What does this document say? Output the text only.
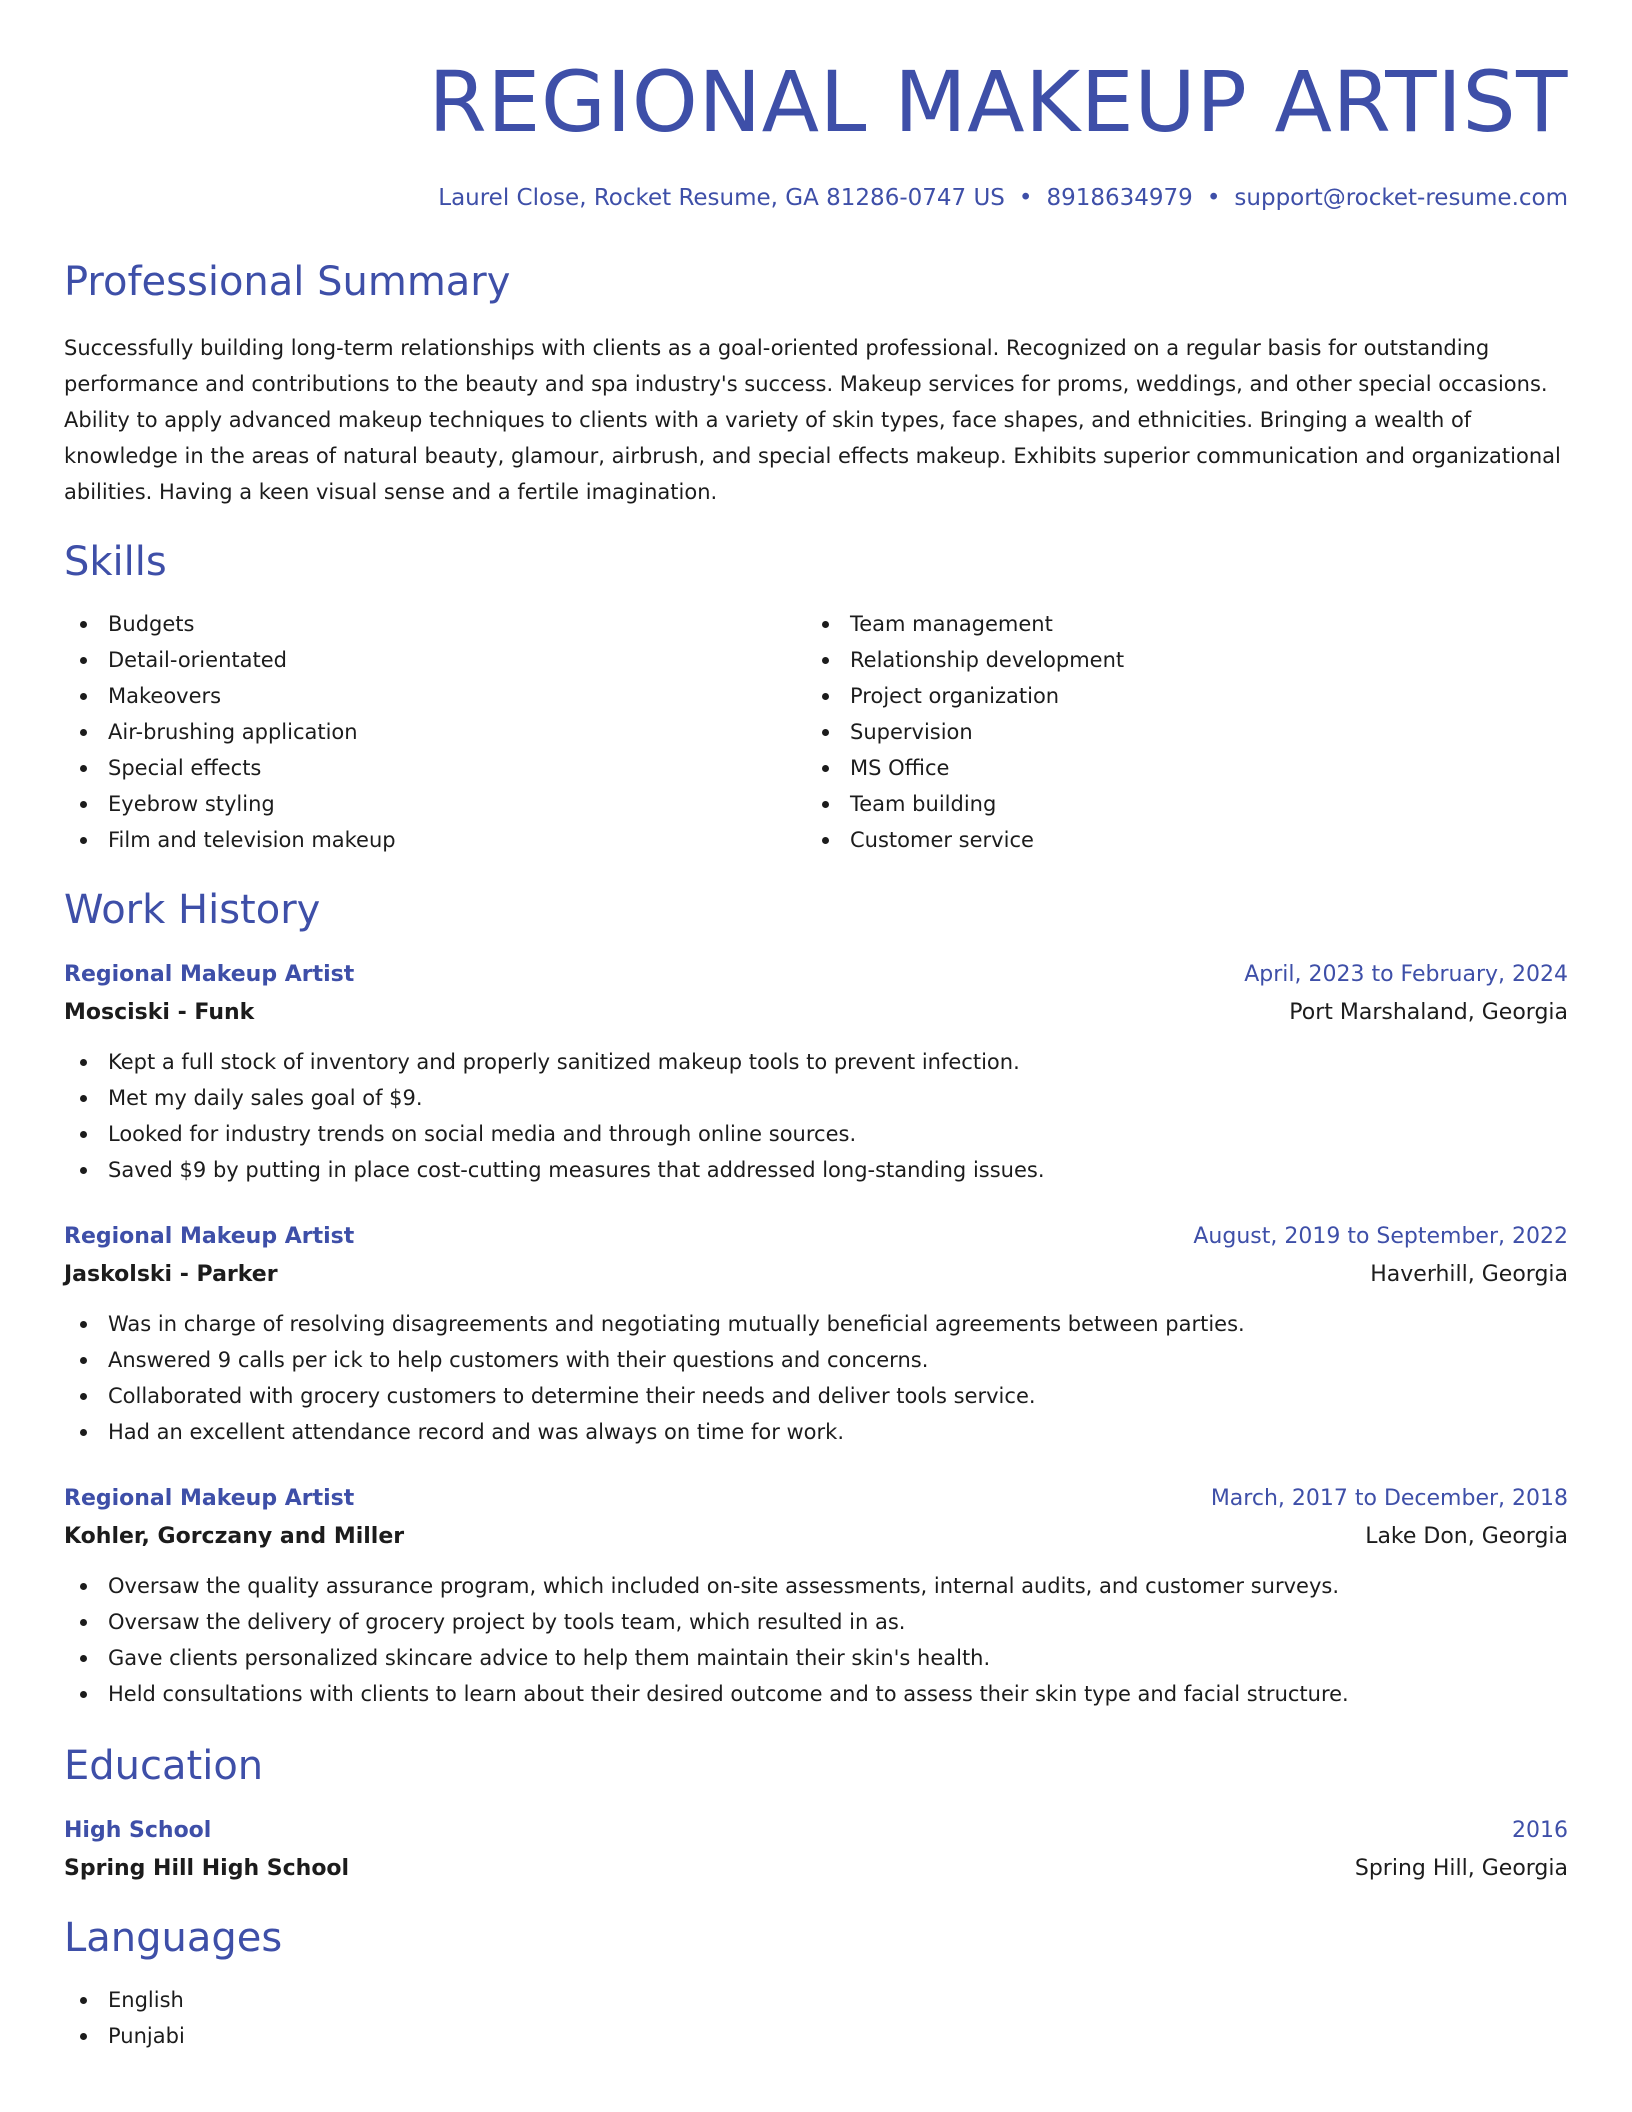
REGIONAL MAKEUP ARTIST
Laurel Close, Rocket Resume, GA 81286-0747 US • 8918634979 • support@rocket-resume.com
Professional Summary

Successfully building long-term relationships with clients as a goal-oriented professional. Recognized on a regular basis for outstanding performance and contributions to the beauty and spa industry's success. Makeup services for proms, weddings, and other special occasions. Ability to apply advanced makeup techniques to clients with a variety of skin types, face shapes, and ethnicities. Bringing a wealth of knowledge in the areas of natural beauty, glamour, airbrush, and special effects makeup. Exhibits superior communication and organizational abilities. Having a keen visual sense and a fertile imagination.

Skills
Budgets
Detail-orientated
Makeovers
Air-brushing application
Special effects
Eyebrow styling
Film and television makeup
Team management
Relationship development
Project organization
Supervision
MS Office
Team building
Customer service
Work History
Regional Makeup Artist	April, 2023 to February, 2024
Mosciski - Funk	Port Marshaland, Georgia
Kept a full stock of inventory and properly sanitized makeup tools to prevent infection.
Met my daily sales goal of $9.
Looked for industry trends on social media and through online sources.
Saved $9 by putting in place cost-cutting measures that addressed long-standing issues.
Regional Makeup Artist	August, 2019 to September, 2022
Jaskolski - Parker	Haverhill, Georgia
Was in charge of resolving disagreements and negotiating mutually beneficial agreements between parties.
Answered 9 calls per ick to help customers with their questions and concerns.
Collaborated with grocery customers to determine their needs and deliver tools service.
Had an excellent attendance record and was always on time for work.
Regional Makeup Artist	March, 2017 to December, 2018
Kohler, Gorczany and Miller	Lake Don, Georgia
Oversaw the quality assurance program, which included on-site assessments, internal audits, and customer surveys.
Oversaw the delivery of grocery project by tools team, which resulted in as.
Gave clients personalized skincare advice to help them maintain their skin's health.
Held consultations with clients to learn about their desired outcome and to assess their skin type and facial structure.
Education
High School	2016
Spring Hill High School	Spring Hill, Georgia
Languages
English
Punjabi
